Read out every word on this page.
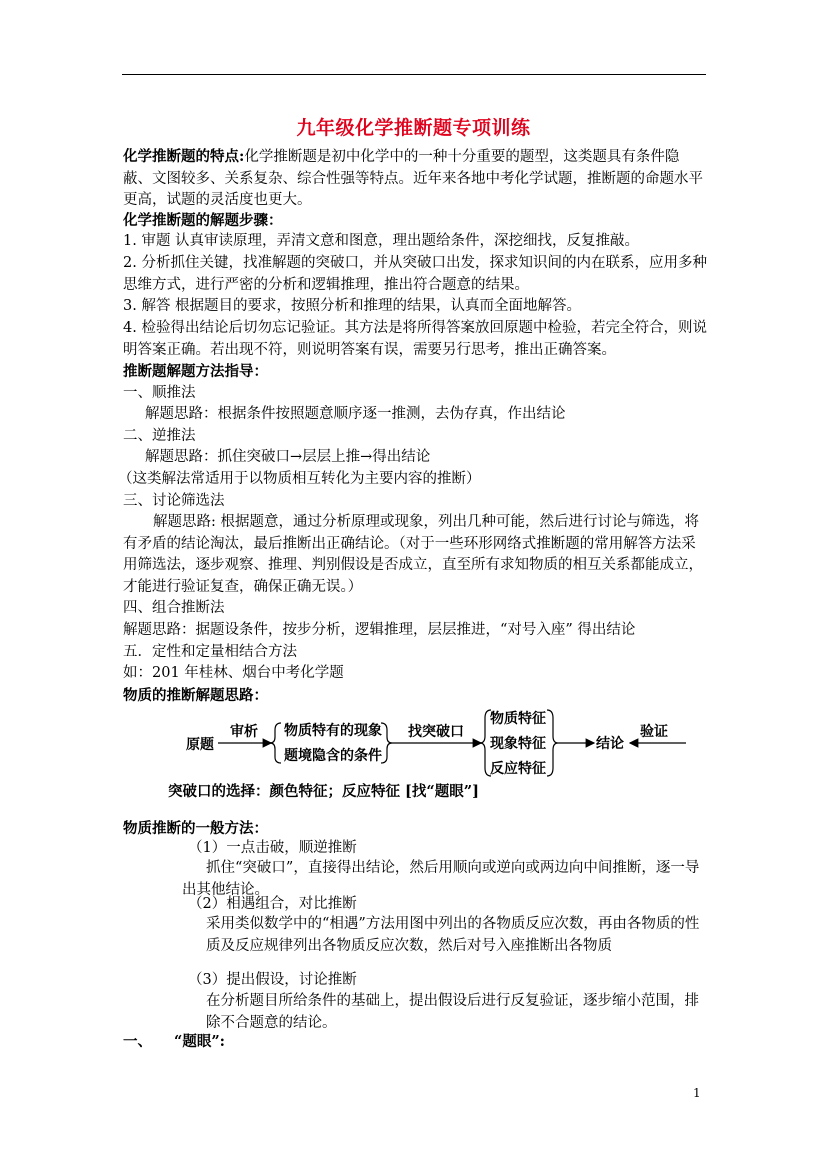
九年级化学推断题专项训练

化学推断题的特点:化学推断题是初中化学中的一种十分重要的题型，这类题具有条件隐蔽、文图较多、关系复杂、综合性强等特点。近年来各地中考化学试题，推断题的命题水平更高，试题的灵活度也更大。

化学推断题的解题步骤：

1. 审题 认真审读原理，弄清文意和图意，理出题给条件，深挖细找，反复推敲。

2. 分析抓住关键，找准解题的突破口，并从突破口出发，探求知识间的内在联系，应用多种思维方式，进行严密的分析和逻辑推理，推出符合题意的结果。

3. 解答 根据题目的要求，按照分析和推理的结果，认真而全面地解答。

4. 检验得出结论后切勿忘记验证。其方法是将所得答案放回原题中检验，若完全符合，则说明答案正确。若出现不符，则说明答案有误，需要另行思考，推出正确答案。

推断题解题方法指导：

一、顺推法

解题思路：根据条件按照题意顺序逐一推测，去伪存真，作出结论

二、逆推法

解题思路：抓住突破口→层层上推→得出结论

（这类解法常适用于以物质相互转化为主要内容的推断）

三、讨论筛选法

解题思路: 根据题意，通过分析原理或现象，列出几种可能，然后进行讨论与筛选，将有矛盾的结论淘汰，最后推断出正确结论。（对于一些环形网络式推断题的常用解答方法采用筛选法，逐步观察、推理、判别假设是否成立，直至所有求知物质的相互关系都能成立，才能进行验证复查，确保正确无误。）

四、组合推断法

解题思路：据题设条件，按步分析，逻辑推理，层层推进，“对号入座” 得出结论

五．定性和定量相结合方法

如：201 年桂林、烟台中考化学题

物质的推断解题思路：

原题
审析 物质特有的现象
题境隐含的条件
找突破口
物质特征
现象特征
反应特征
结论
验证

突破口的选择：颜色特征；反应特征 [找“题眼”]

物质推断的一般方法：

（1）一点击破，顺逆推断

抓住“突破口”，直接得出结论，然后用顺向或逆向或两边向中间推断，逐一导出其他结论。

（2）相遇组合，对比推断

采用类似数学中的“相遇”方法用图中列出的各物质反应次数，再由各物质的性质及反应规律列出各物质反应次数，然后对号入座推断出各物质

（3）提出假设，讨论推断

在分析题目所给条件的基础上，提出假设后进行反复验证，逐步缩小范围，排除不合题意的结论。

一、 “题眼”:

1
